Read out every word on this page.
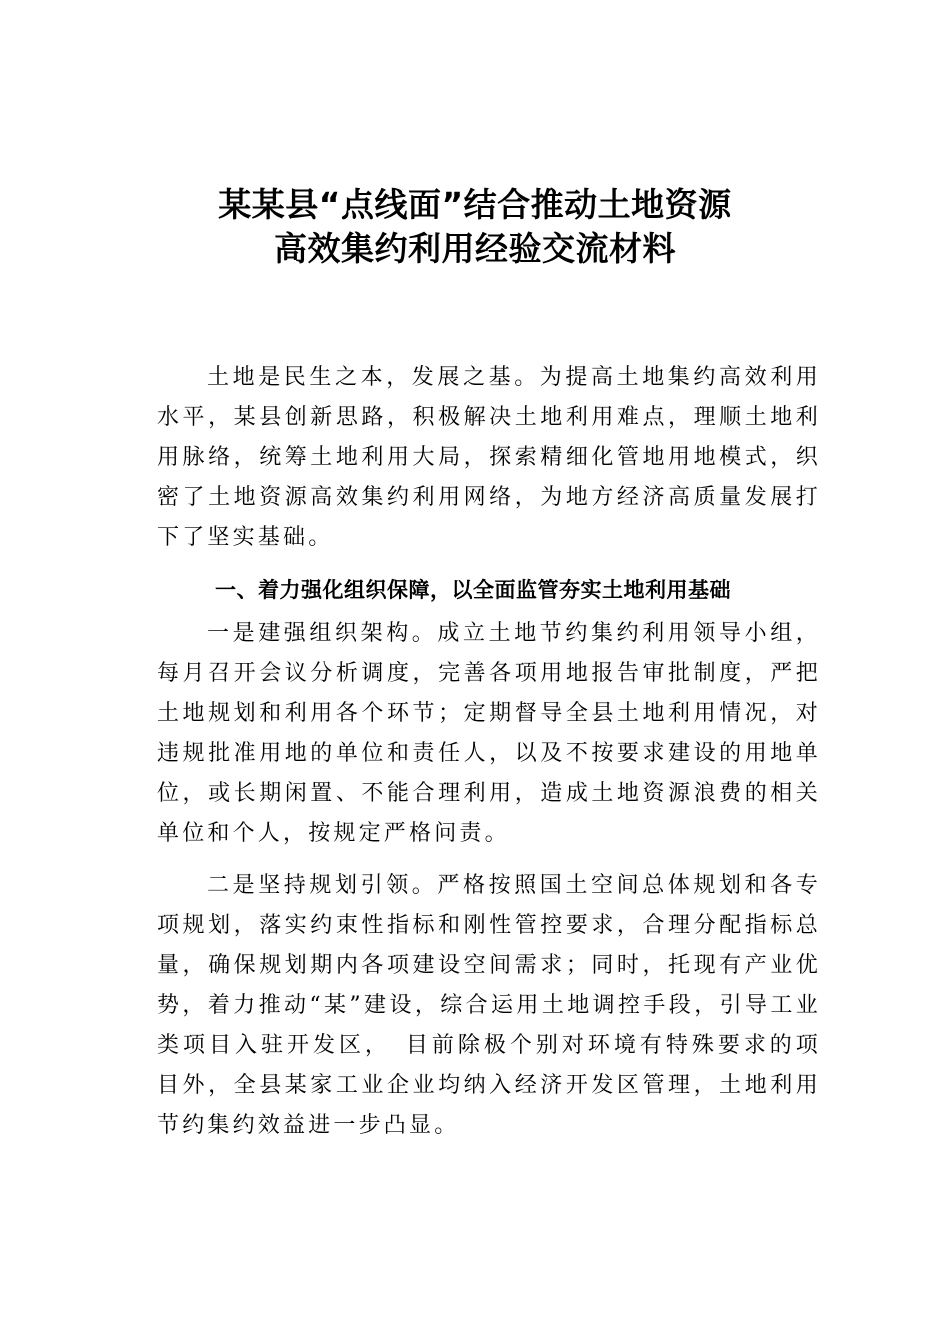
某某县“点线面”结合推动土地资源
高效集约利用经验交流材料

土地是民生之本，发展之基。为提高土地集约高效利用水平，某县创新思路，积极解决土地利用难点，理顺土地利用脉络，统筹土地利用大局，探索精细化管地用地模式，织密了土地资源高效集约利用网络，为地方经济高质量发展打下了坚实基础。

一、着力强化组织保障，以全面监管夯实土地利用基础

一是建强组织架构。成立土地节约集约利用领导小组，每月召开会议分析调度，完善各项用地报告审批制度，严把土地规划和利用各个环节；定期督导全县土地利用情况，对违规批准用地的单位和责任人，以及不按要求建设的用地单位，或长期闲置、不能合理利用，造成土地资源浪费的相关单位和个人，按规定严格问责。

二是坚持规划引领。严格按照国土空间总体规划和各专项规划，落实约束性指标和刚性管控要求，合理分配指标总量，确保规划期内各项建设空间需求；同时，托现有产业优势，着力推动“某”建设，综合运用土地调控手段，引导工业类项目入驻开发区，　目前除极个别对环境有特殊要求的项目外，全县某家工业企业均纳入经济开发区管理，土地利用节约集约效益进一步凸显。
